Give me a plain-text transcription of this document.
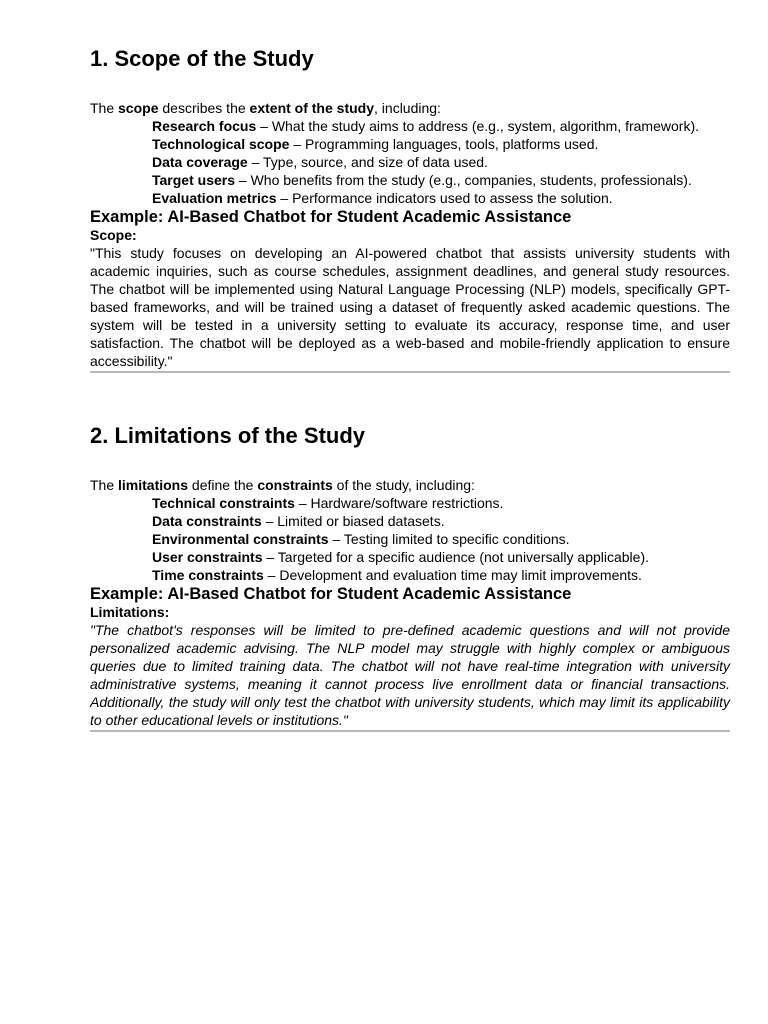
1. Scope of the Study

The scope describes the extent of the study, including:

Research focus – What the study aims to address (e.g., system, algorithm, framework).
Technological scope – Programming languages, tools, platforms used.
Data coverage – Type, source, and size of data used.
Target users – Who benefits from the study (e.g., companies, students, professionals).
Evaluation metrics – Performance indicators used to assess the solution.
Example: AI-Based Chatbot for Student Academic Assistance
Scope:
"This study focuses on developing an AI-powered chatbot that assists university students with academic inquiries, such as course schedules, assignment deadlines, and general study resources. The chatbot will be implemented using Natural Language Processing (NLP) models, specifically GPT-based frameworks, and will be trained using a dataset of frequently asked academic questions. The system will be tested in a university setting to evaluate its accuracy, response time, and user satisfaction. The chatbot will be deployed as a web-based and mobile-friendly application to ensure accessibility."
2. Limitations of the Study

The limitations define the constraints of the study, including:

Technical constraints – Hardware/software restrictions.
Data constraints – Limited or biased datasets.
Environmental constraints – Testing limited to specific conditions.
User constraints – Targeted for a specific audience (not universally applicable).
Time constraints – Development and evaluation time may limit improvements.
Example: AI-Based Chatbot for Student Academic Assistance
Limitations:
"The chatbot's responses will be limited to pre-defined academic questions and will not provide personalized academic advising. The NLP model may struggle with highly complex or ambiguous queries due to limited training data. The chatbot will not have real-time integration with university administrative systems, meaning it cannot process live enrollment data or financial transactions. Additionally, the study will only test the chatbot with university students, which may limit its applicability to other educational levels or institutions."
